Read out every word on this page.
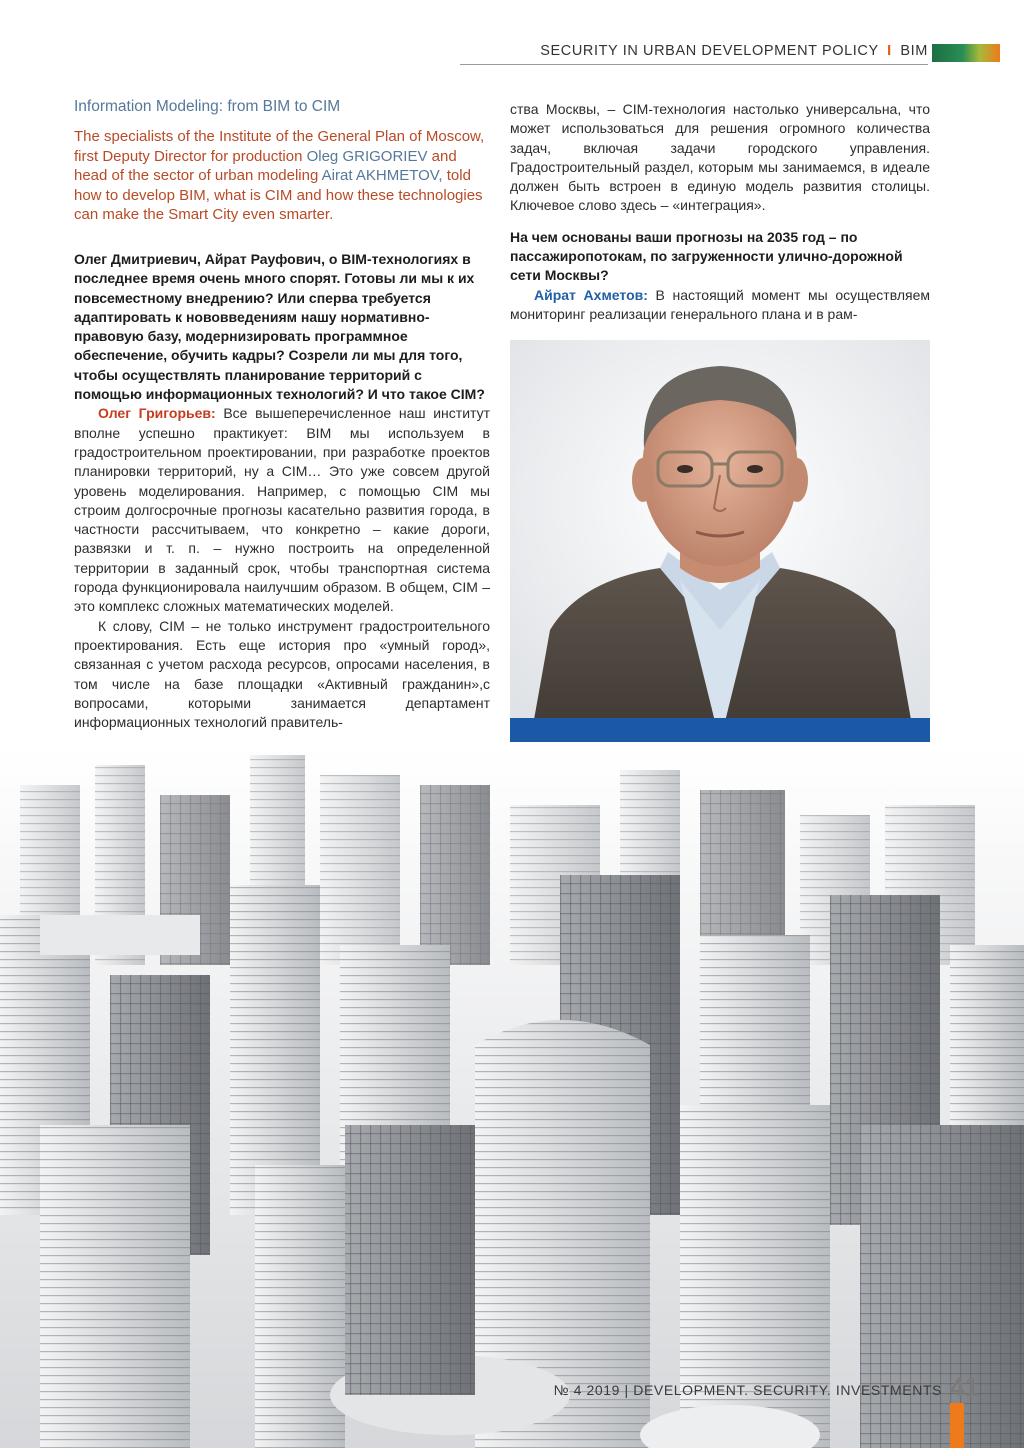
SECURITY IN URBAN DEVELOPMENT POLICY I BIM
Information Modeling: from BIM to CIM
The specialists of the Institute of the General Plan of Moscow, first Deputy Director for production Oleg GRIGORIEV and head of the sector of urban modeling Airat AKHMETOV, told how to develop BIM, what is CIM and how these technologies can make the Smart City even smarter.

Олег Дмитриевич, Айрат Рауфович, о BIM-технологиях в последнее время очень много спорят. Готовы ли мы к их повсеместному внедрению? Или сперва требуется адаптировать к нововведениям нашу нормативно-правовую базу, модернизировать программное обеспечение, обучить кадры? Созрели ли мы для того, чтобы осуществлять планирование территорий с помощью информационных технологий? И что такое CIM?

Олег Григорьев: Все вышеперечисленное наш институт вполне успешно практикует: BIM мы используем в градостроительном проектировании, при разработке проектов планировки территорий, ну а CIM… Это уже совсем другой уровень моделирования. Например, с помощью CIM мы строим долгосрочные прогнозы касательно развития города, в частности рассчитываем, что конкретно – какие дороги, развязки и т. п. – нужно построить на определенной территории в заданный срок, чтобы транспортная система города функционировала наилучшим образом. В общем, CIM – это комплекс сложных математических моделей.

К слову, CIM – не только инструмент градостроительного проектирования. Есть еще история про «умный город», связанная с учетом расхода ресурсов, опросами населения, в том числе на базе площадки «Активный гражданин»,с вопросами, которыми занимается департамент информационных технологий правитель-

ства Москвы, – CIM-технология настолько универсальна, что может использоваться для решения огромного количества задач, включая задачи городского управления. Градостроительный раздел, которым мы занимаемся, в идеале должен быть встроен в единую модель развития столицы. Ключевое слово здесь – «интеграция».

На чем основаны ваши прогнозы на 2035 год – по пассажиропотокам, по загруженности улично-дорожной сети Москвы?

Айрат Ахметов: В настоящий момент мы осуществляем мониторинг реализации генерального плана и в рам-

№ 4 2019 | DEVELOPMENT. SECURITY. INVESTMENTS 41
